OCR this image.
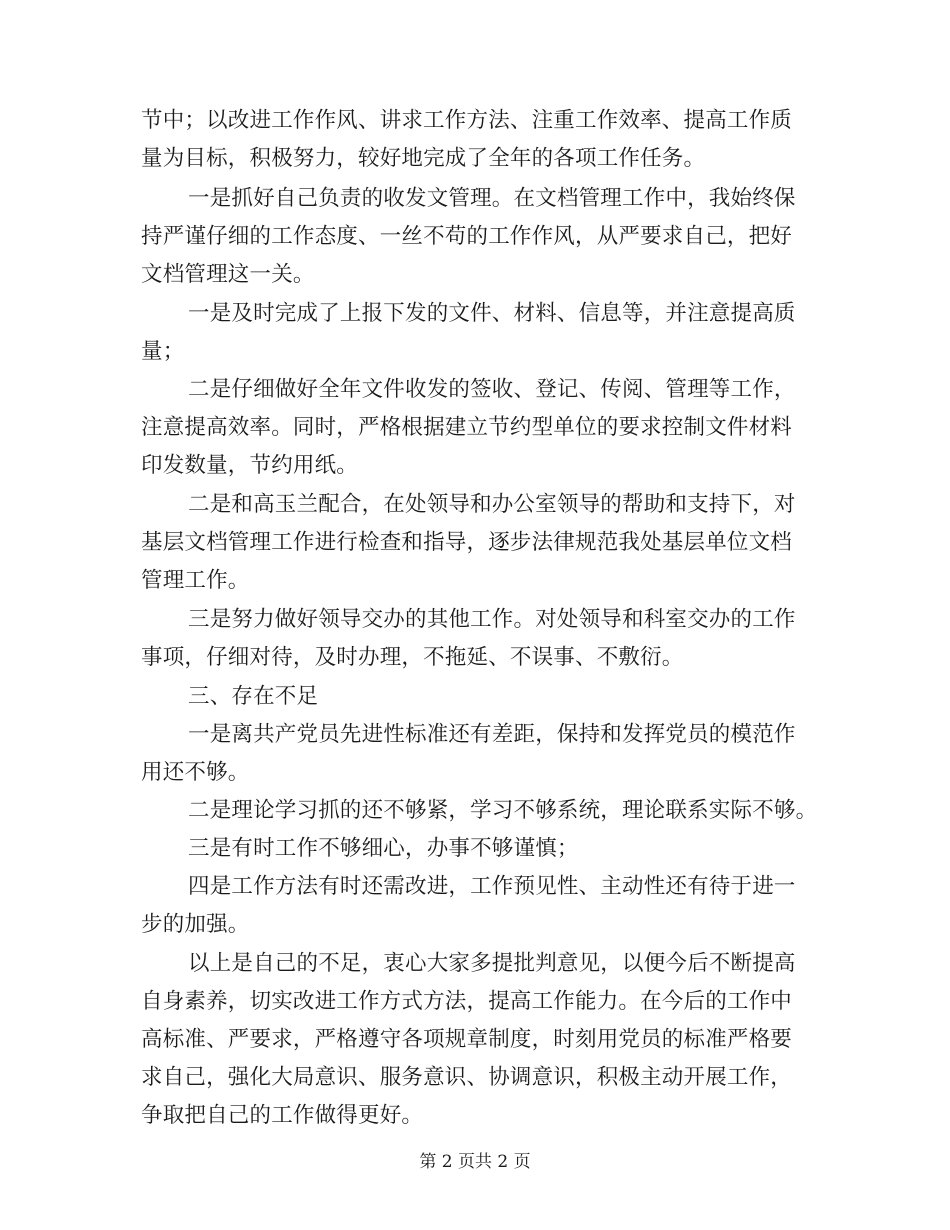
节中；以改进工作作风、讲求工作方法、注重工作效率、提高工作质
量为目标，积极努力，较好地完成了全年的各项工作任务。
一是抓好自己负责的收发文管理。在文档管理工作中，我始终保
持严谨仔细的工作态度、一丝不苟的工作作风，从严要求自己，把好
文档管理这一关。
一是及时完成了上报下发的文件、材料、信息等，并注意提高质
量；
二是仔细做好全年文件收发的签收、登记、传阅、管理等工作，
注意提高效率。同时，严格根据建立节约型单位的要求控制文件材料
印发数量，节约用纸。
二是和高玉兰配合，在处领导和办公室领导的帮助和支持下，对
基层文档管理工作进行检查和指导，逐步法律规范我处基层单位文档
管理工作。
三是努力做好领导交办的其他工作。对处领导和科室交办的工作
事项，仔细对待，及时办理，不拖延、不误事、不敷衍。
三、存在不足
一是离共产党员先进性标准还有差距，保持和发挥党员的模范作
用还不够。
二是理论学习抓的还不够紧，学习不够系统，理论联系实际不够。
三是有时工作不够细心，办事不够谨慎；
四是工作方法有时还需改进，工作预见性、主动性还有待于进一
步的加强。
以上是自己的不足，衷心大家多提批判意见，以便今后不断提高
自身素养，切实改进工作方式方法，提高工作能力。在今后的工作中
高标准、严要求，严格遵守各项规章制度，时刻用党员的标准严格要
求自己，强化大局意识、服务意识、协调意识，积极主动开展工作，
争取把自己的工作做得更好。
第 2 页共 2 页
